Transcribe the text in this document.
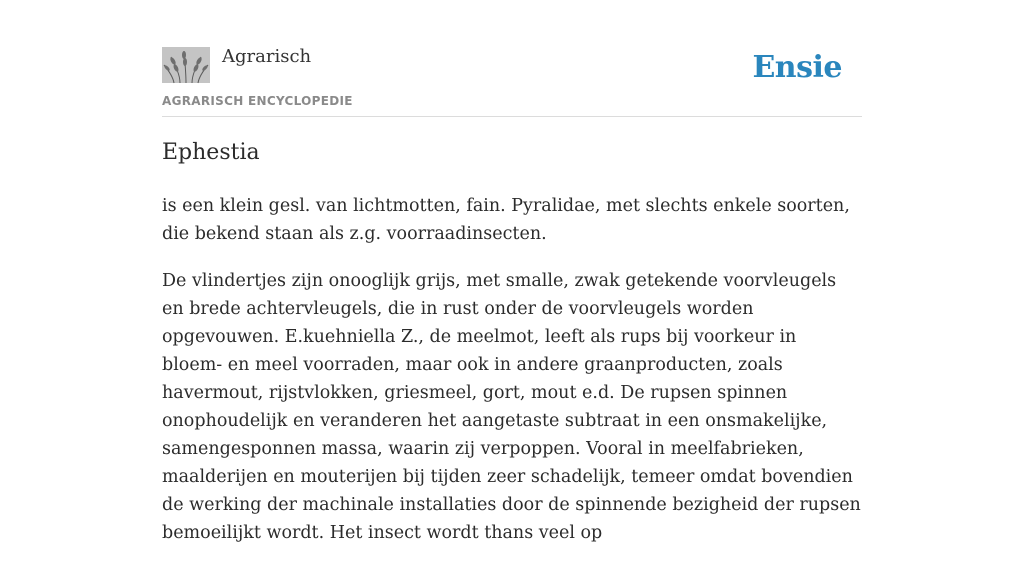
Agrarisch
AGRARISCH ENCYCLOPEDIE
Ensie
Ephestia

is een klein gesl. van lichtmotten, fain. Pyralidae, met slechts enkele soorten, die bekend staan als z.g. voorraadinsecten.

De vlindertjes zijn onooglijk grijs, met smalle, zwak getekende voorvleugels en brede achtervleugels, die in rust onder de voorvleugels worden opgevouwen. E.kuehniella Z., de meelmot, leeft als rups bij voorkeur in bloem- en meel voorraden, maar ook in andere graanproducten, zoals havermout, rijstvlokken, griesmeel, gort, mout e.d. De rupsen spinnen onophoudelijk en veranderen het aangetaste subtraat in een onsmakelijke, samengesponnen massa, waarin zij verpoppen. Vooral in meelfabrieken, maalderijen en mouterijen bij tijden zeer schadelijk, temeer omdat bovendien de werking der machinale installaties door de spinnende bezigheid der rupsen bemoeilijkt wordt. Het insect wordt thans veel op
